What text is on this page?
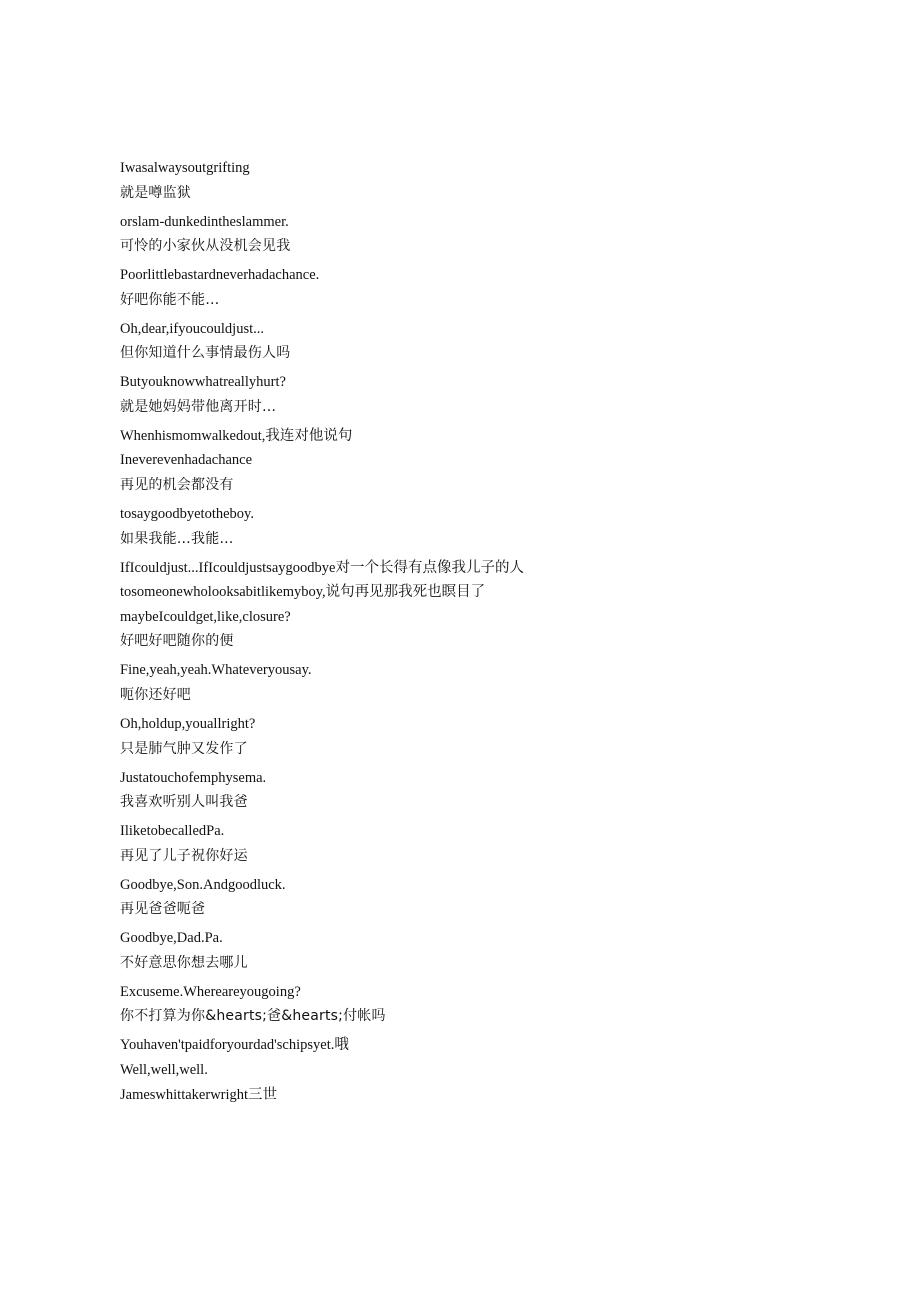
Iwasalwaysoutgrifting
就是噂监狱
orslam-dunkedintheslammer.
可怜的小家伙从没机会见我
Poorlittlebastardneverhadachance.
好吧你能不能…
Oh,dear,ifyoucouldjust...
但你知道什么事情最伤人吗
Butyouknowwhatreallyhurt?
就是她妈妈带他离开时…
Whenhismomwalkedout,我连对他说句
Ineverevenhadachance
再见的机会都没有
tosaygoodbyetotheboy.
如果我能…我能…
IfIcouldjust...IfIcouldjustsaygoodbye对一个长得有点像我儿子的人
tosomeonewholooksabitlikemyboy,说句再见那我死也瞑目了
maybeIcouldget,like,closure?
好吧好吧随你的便
Fine,yeah,yeah.Whateveryousay.
呃你还好吧
Oh,holdup,youallright?
只是肺气肿又发作了
Justatouchofemphysema.
我喜欢听别人叫我爸
IliketobecalledPa.
再见了儿子祝你好运
Goodbye,Son.Andgoodluck.
再见爸爸呃爸
Goodbye,Dad.Pa.
不好意思你想去哪儿
Excuseme.Whereareyougoing?
你不打算为你&hearts;爸&hearts;付帐吗
Youhaven'tpaidforyourdad'schipsyet.哦
Well,well,well.
Jameswhittakerwright三世
